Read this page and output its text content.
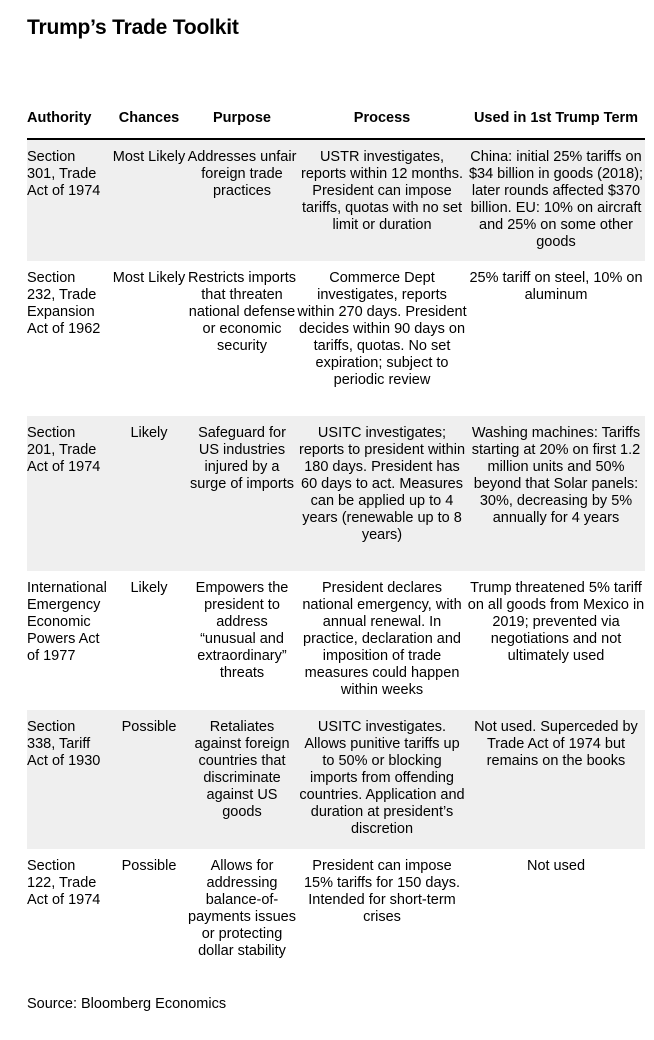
Trump’s Trade Toolkit
Authority	Chances	Purpose	Process	Used in 1st Trump Term
Section 301, Trade Act of 1974	Most Likely	Addresses unfair foreign trade practices	USTR investigates, reports within 12 months. President can impose tariffs, quotas with no set limit or duration	China: initial 25% tariffs on $34 billion in goods (2018); later rounds affected $370 billion. EU: 10% on aircraft and 25% on some other goods
Section 232, Trade Expansion Act of 1962	Most Likely	Restricts imports that threaten national defense or economic security	Commerce Dept investigates, reports within 270 days. President decides within 90 days on tariffs, quotas. No set expiration; subject to periodic review	25% tariff on steel, 10% on aluminum
Section 201, Trade Act of 1974	Likely	Safeguard for US industries injured by a surge of imports	USITC investigates; reports to president within 180 days. President has 60 days to act. Measures can be applied up to 4 years (renewable up to 8 years)	Washing machines: Tariffs starting at 20% on first 1.2 million units and 50% beyond that Solar panels: 30%, decreasing by 5% annually for 4 years
International Emergency Economic Powers Act of 1977	Likely	Empowers the president to address “unusual and extraordinary” threats	President declares national emergency, with annual renewal. In practice, declaration and imposition of trade measures could happen within weeks	Trump threatened 5% tariff on all goods from Mexico in 2019; prevented via negotiations and not ultimately used
Section 338, Tariff Act of 1930	Possible	Retaliates against foreign countries that discriminate against US goods	USITC investigates. Allows punitive tariffs up to 50% or blocking imports from offending countries. Application and duration at president’s discretion	Not used. Superceded by Trade Act of 1974 but remains on the books
Section 122, Trade Act of 1974	Possible	Allows for addressing balance-of-payments issues or protecting dollar stability	President can impose 15% tariffs for 150 days. Intended for short-term crises	Not used
Source: Bloomberg Economics
